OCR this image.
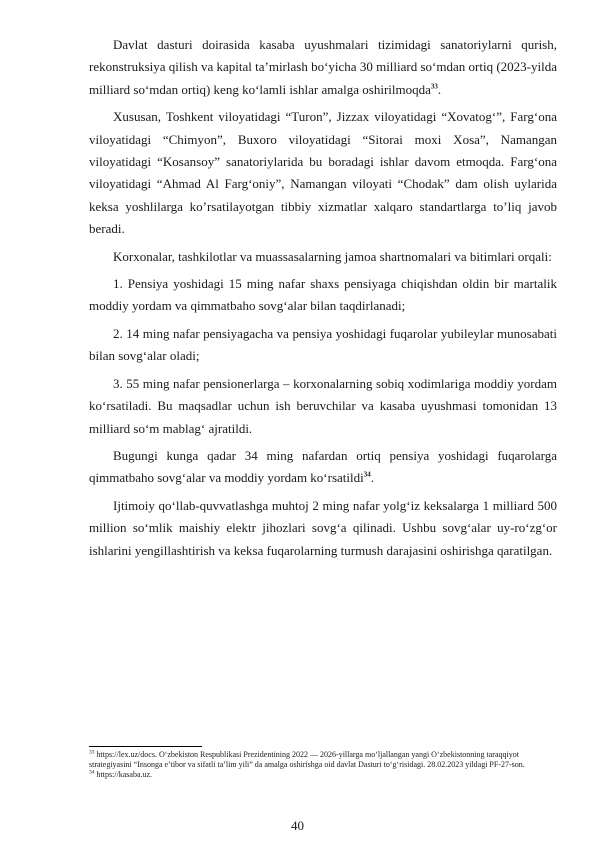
Davlat dasturi doirasida kasaba uyushmalari tizimidagi sanatoriylarni qurish, rekonstruksiya qilish va kapital ta’mirlash bo‘yicha 30 milliard so‘mdan ortiq (2023-yilda milliard so‘mdan ortiq) keng ko‘lamli ishlar amalga oshirilmoqda$^{33}$.

Xususan, Toshkent viloyatidagi “Turon”, Jizzax viloyatidagi “Xovatog‘”, Farg‘ona viloyatidagi “Chimyon”, Buxoro viloyatidagi “Sitorai moxi Xosa”, Namangan viloyatidagi “Kosansoy” sanatoriylarida bu boradagi ishlar davom etmoqda. Farg‘ona viloyatidagi “Ahmad Al Farg‘oniy”, Namangan viloyati “Chodak” dam olish uylarida keksa yoshlilarga ko’rsatilayotgan tibbiy xizmatlar xalqaro standartlarga to’liq javob beradi.

Korxonalar, tashkilotlar va muassasalarning jamoa shartnomalari va bitimlari orqali:

1. Pensiya yoshidagi 15 ming nafar shaxs pensiyaga chiqishdan oldin bir martalik moddiy yordam va qimmatbaho sovg‘alar bilan taqdirlanadi;

2. 14 ming nafar pensiyagacha va pensiya yoshidagi fuqarolar yubileylar munosabati bilan sovg‘alar oladi;

3. 55 ming nafar pensionerlarga – korxonalarning sobiq xodimlariga moddiy yordam ko‘rsatiladi. Bu maqsadlar uchun ish beruvchilar va kasaba uyushmasi tomonidan 13 milliard so‘m mablag‘ ajratildi.

Bugungi kunga qadar 34 ming nafardan ortiq pensiya yoshidagi fuqarolarga qimmatbaho sovg‘alar va moddiy yordam ko‘rsatildi$^{34}$.

Ijtimoiy qo‘llab-quvvatlashga muhtoj 2 ming nafar yolg‘iz keksalarga 1 milliard 500 million so‘mlik maishiy elektr jihozlari sovg‘a qilinadi. Ushbu sovg‘alar uy-ro‘zg‘or ishlarini yengillashtirish va keksa fuqarolarning turmush darajasini oshirishga qaratilgan.

$^{33}$ https://lex.uz/docs. O‘zbekiston Respublikasi Prezidentining 2022 — 2026-yillarga mo‘ljallangan yangi O‘zbekistonning taraqqiyot strategiyasini “Insonga e’tibor va sifatli ta’lim yili” da amalga oshirishga oid davlat Dasturi to‘g‘risidagi. 28.02.2023 yildagi PF-27-son.

$^{34}$ https://kasaba.uz.

40
